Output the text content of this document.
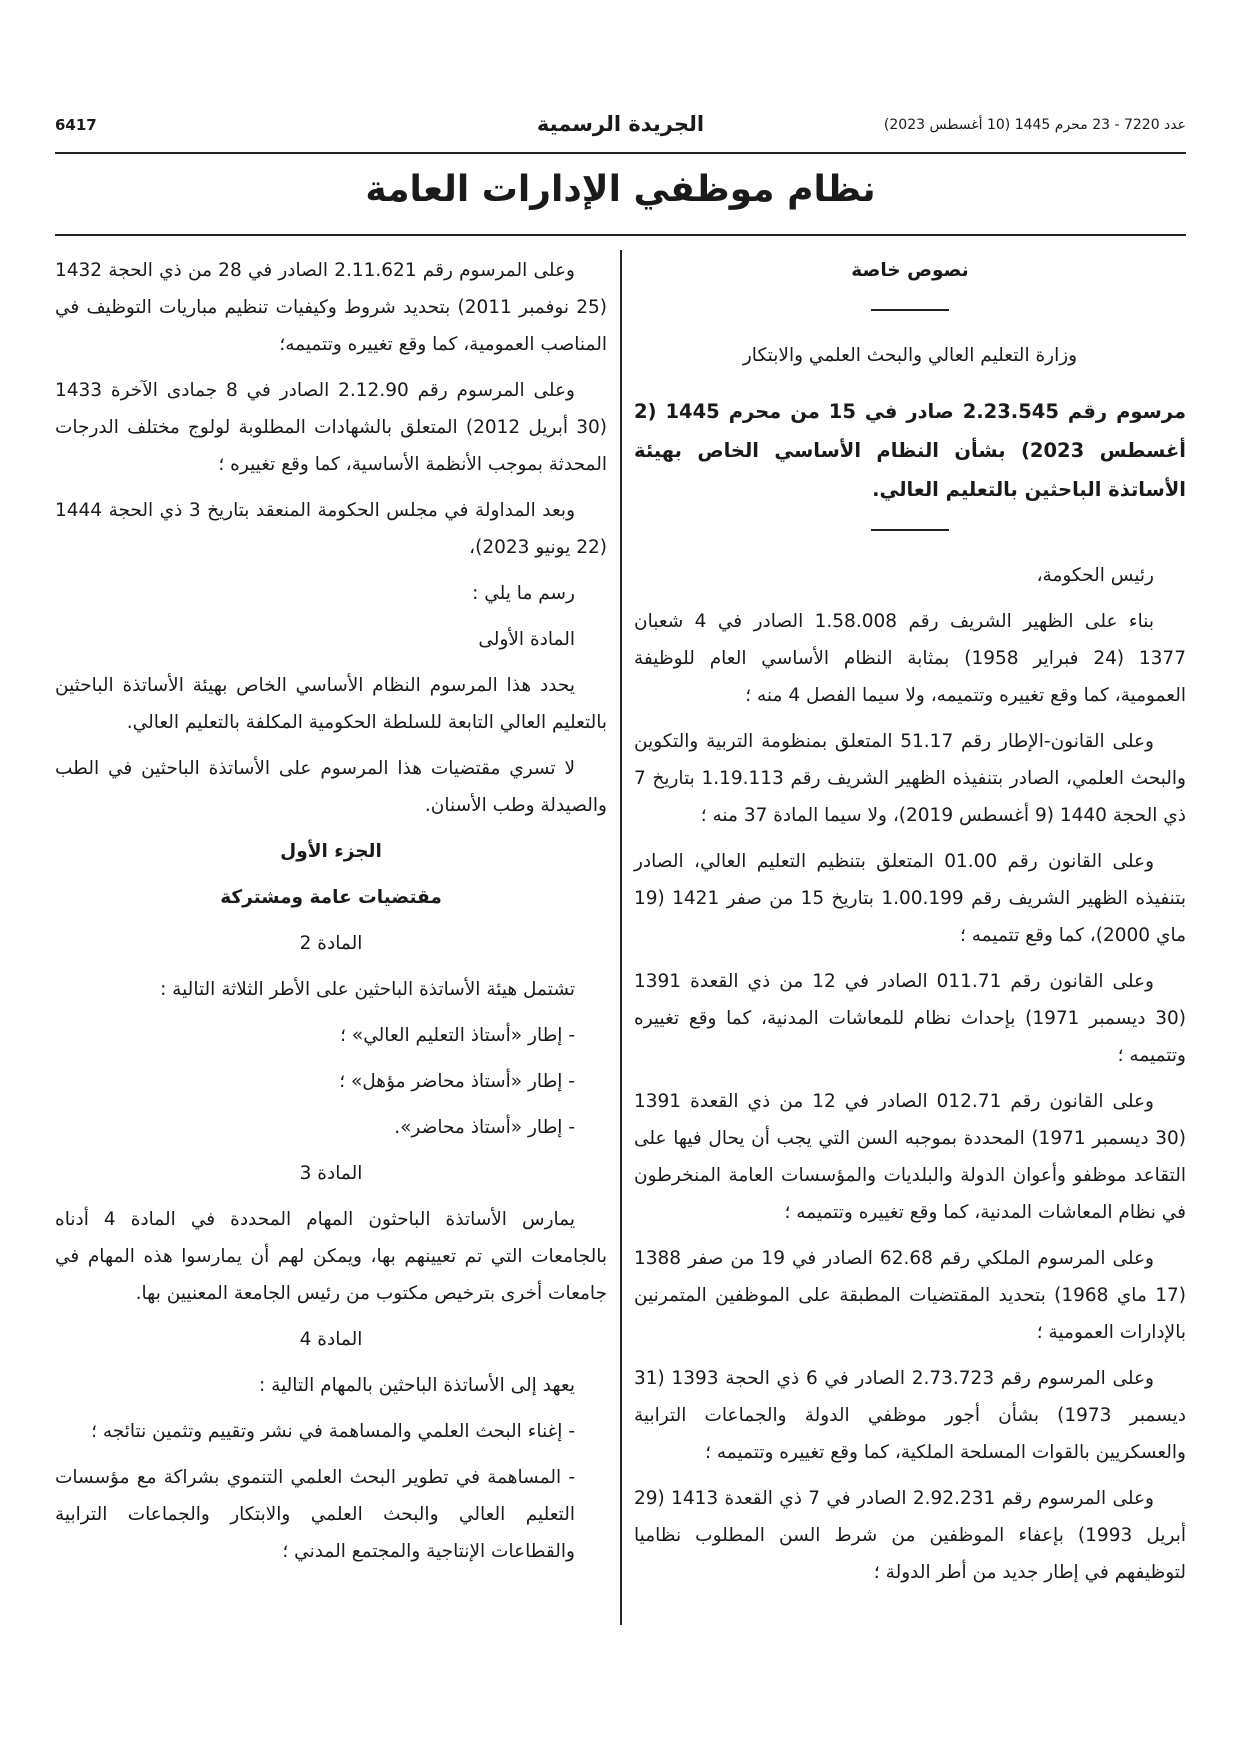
6417	الجريدة الرسمية	عدد 7220 - 23 محرم 1445 (10 أغسطس 2023)
نظام موظفي الإدارات العامة

نصوص خاصة

وزارة التعليم العالي والبحث العلمي والابتكار

مرسوم رقم 2.23.545 صادر في 15 من محرم 1445 (2 أغسطس 2023) بشأن النظام الأساسي الخاص بهيئة الأساتذة الباحثين بالتعليم العالي.

رئيس الحكومة،

بناء على الظهير الشريف رقم 1.58.008 الصادر في 4 شعبان 1377 (24 فبراير 1958) بمثابة النظام الأساسي العام للوظيفة العمومية، كما وقع تغييره وتتميمه، ولا سيما الفصل 4 منه ؛

وعلى القانون-الإطار رقم 51.17 المتعلق بمنظومة التربية والتكوين والبحث العلمي، الصادر بتنفيذه الظهير الشريف رقم 1.19.113 بتاريخ 7 ذي الحجة 1440 (9 أغسطس 2019)، ولا سيما المادة 37 منه ؛

وعلى القانون رقم 01.00 المتعلق بتنظيم التعليم العالي، الصادر بتنفيذه الظهير الشريف رقم 1.00.199 بتاريخ 15 من صفر 1421 (19 ماي 2000)، كما وقع تتميمه ؛

وعلى القانون رقم 011.71 الصادر في 12 من ذي القعدة 1391 (30 ديسمبر 1971) بإحداث نظام للمعاشات المدنية، كما وقع تغييره وتتميمه ؛

وعلى القانون رقم 012.71 الصادر في 12 من ذي القعدة 1391 (30 ديسمبر 1971) المحددة بموجبه السن التي يجب أن يحال فيها على التقاعد موظفو وأعوان الدولة والبلديات والمؤسسات العامة المنخرطون في نظام المعاشات المدنية، كما وقع تغييره وتتميمه ؛

وعلى المرسوم الملكي رقم 62.68 الصادر في 19 من صفر 1388 (17 ماي 1968) بتحديد المقتضيات المطبقة على الموظفين المتمرنين بالإدارات العمومية ؛

وعلى المرسوم رقم 2.73.723 الصادر في 6 ذي الحجة 1393 (31 ديسمبر 1973) بشأن أجور موظفي الدولة والجماعات الترابية والعسكريين بالقوات المسلحة الملكية، كما وقع تغييره وتتميمه ؛

وعلى المرسوم رقم 2.92.231 الصادر في 7 ذي القعدة 1413 (29 أبريل 1993) بإعفاء الموظفين من شرط السن المطلوب نظاميا لتوظيفهم في إطار جديد من أطر الدولة ؛

وعلى المرسوم رقم 2.11.621 الصادر في 28 من ذي الحجة 1432 (25 نوفمبر 2011) بتحديد شروط وكيفيات تنظيم مباريات التوظيف في المناصب العمومية، كما وقع تغييره وتتميمه؛

وعلى المرسوم رقم 2.12.90 الصادر في 8 جمادى الآخرة 1433 (30 أبريل 2012) المتعلق بالشهادات المطلوبة لولوج مختلف الدرجات المحدثة بموجب الأنظمة الأساسية، كما وقع تغييره ؛

وبعد المداولة في مجلس الحكومة المنعقد بتاريخ 3 ذي الحجة 1444 (22 يونيو 2023)،

رسم ما يلي :

المادة الأولى

يحدد هذا المرسوم النظام الأساسي الخاص بهيئة الأساتذة الباحثين بالتعليم العالي التابعة للسلطة الحكومية المكلفة بالتعليم العالي.

لا تسري مقتضيات هذا المرسوم على الأساتذة الباحثين في الطب والصيدلة وطب الأسنان.

الجزء الأول

مقتضيات عامة ومشتركة

المادة 2

تشتمل هيئة الأساتذة الباحثين على الأطر الثلاثة التالية :

- إطار «أستاذ التعليم العالي» ؛

- إطار «أستاذ محاضر مؤهل» ؛

- إطار «أستاذ محاضر».

المادة 3

يمارس الأساتذة الباحثون المهام المحددة في المادة 4 أدناه بالجامعات التي تم تعيينهم بها، ويمكن لهم أن يمارسوا هذه المهام في جامعات أخرى بترخيص مكتوب من رئيس الجامعة المعنيين بها.

المادة 4

يعهد إلى الأساتذة الباحثين بالمهام التالية :

- إغناء البحث العلمي والمساهمة في نشر وتقييم وتثمين نتائجه ؛

- المساهمة في تطوير البحث العلمي التنموي بشراكة مع مؤسسات التعليم العالي والبحث العلمي والابتكار والجماعات الترابية والقطاعات الإنتاجية والمجتمع المدني ؛
